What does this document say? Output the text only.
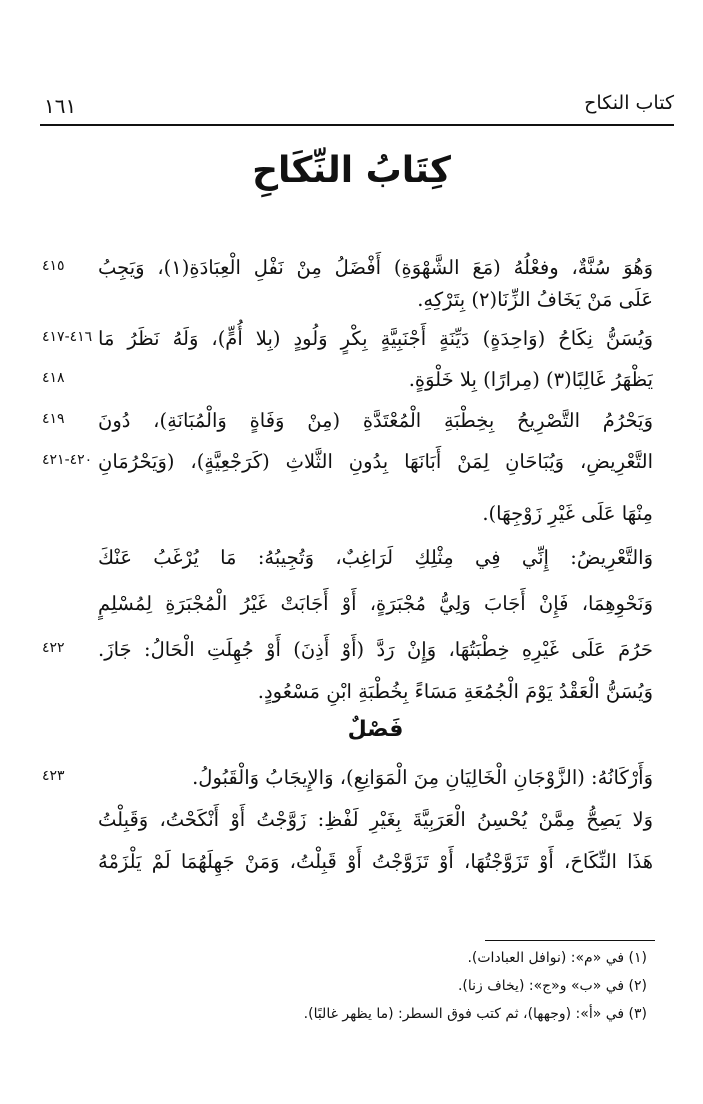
١٦١	كتاب النكاح
كِتَابُ النِّكَاحِ
٤١٥	وَهُوَ سُنَّةٌ، وفعْلُهُ (مَعَ الشَّهْوَةِ) أَفْضَلُ مِنْ نَفْلِ الْعِبَادَةِ(١)، وَيَجِبُ
عَلَى مَنْ يَخَافُ الزِّنَا(٢) بِتَرْكِهِ.
٤١٦-٤١٧ وَيُسَنُّ نِكَاحُ (وَاحِدَةٍ) دَيِّنَةٍ أَجْنَبِيَّةٍ بِكْرٍ وَلُودٍ (بِلا أُمٍّ)، وَلَهُ نَظَرُ مَا
٤١٨	يَظْهَرُ غَالِبًا(٣) (مِرارًا) بِلا خَلْوَةٍ.
٤١٩	وَيَحْرُمُ التَّصْرِيحُ بِخِطْبَةِ الْمُعْتَدَّةِ (مِنْ وَفَاةٍ وَالْمُبَانَةِ)، دُونَ
٤٢٠-٤٢١ التَّعْرِيضِ، وَيُبَاحَانِ لِمَنْ أَبَانَهَا بِدُونِ الثَّلاثِ (كَرَجْعِيَّةٍ)، (وَيَحْرُمَانِ
مِنْهَا عَلَى غَيْرِ زَوْجِهَا).
وَالتَّعْرِيضُ: إِنِّي فِي مِثْلِكِ لَرَاغِبٌ، وَتُجِيبُهُ: مَا يُرْغَبُ عَنْكَ
وَنَحْوِهِمَا، فَإِنْ أَجَابَ وَلِيُّ مُجْبَرَةٍ، أَوْ أَجَابَتْ غَيْرُ الْمُجْبَرَةِ لِمُسْلِمٍ
٤٢٢	حَرُمَ عَلَى غَيْرِهِ خِطْبَتُهَا، وَإِنْ رَدَّ (أَوْ أَذِنَ) أَوْ جُهِلَتِ الْحَالُ: جَازَ.
وَيُسَنُّ الْعَقْدُ يَوْمَ الْجُمُعَةِ مَسَاءً بِخُطْبَةِ ابْنِ مَسْعُودٍ.
فَصْلٌ
٤٢٣	وَأَرْكَانُهُ: (الزَّوْجَانِ الْخَالِيَانِ مِنَ الْمَوَانِعِ)، وَالإِيجَابُ وَالْقَبُولُ.
وَلا يَصِحُّ مِمَّنْ يُحْسِنُ الْعَرَبِيَّةَ بِغَيْرِ لَفْظِ: زَوَّجْتُ أَوْ أَنْكَحْتُ، وَقَبِلْتُ
هَذَا النِّكَاحَ، أَوْ تَزَوَّجْتُهَا، أَوْ تَزَوَّجْتُ أَوْ قَبِلْتُ، وَمَنْ جَهِلَهُمَا لَمْ يَلْزَمْهُ
(١) في «م»: (نوافل العبادات).
(٢) في «ب» و«ج»: (يخاف زنا).
(٣) في «أ»: (وجهها)، ثم كتب فوق السطر: (ما يظهر غالبًا).
